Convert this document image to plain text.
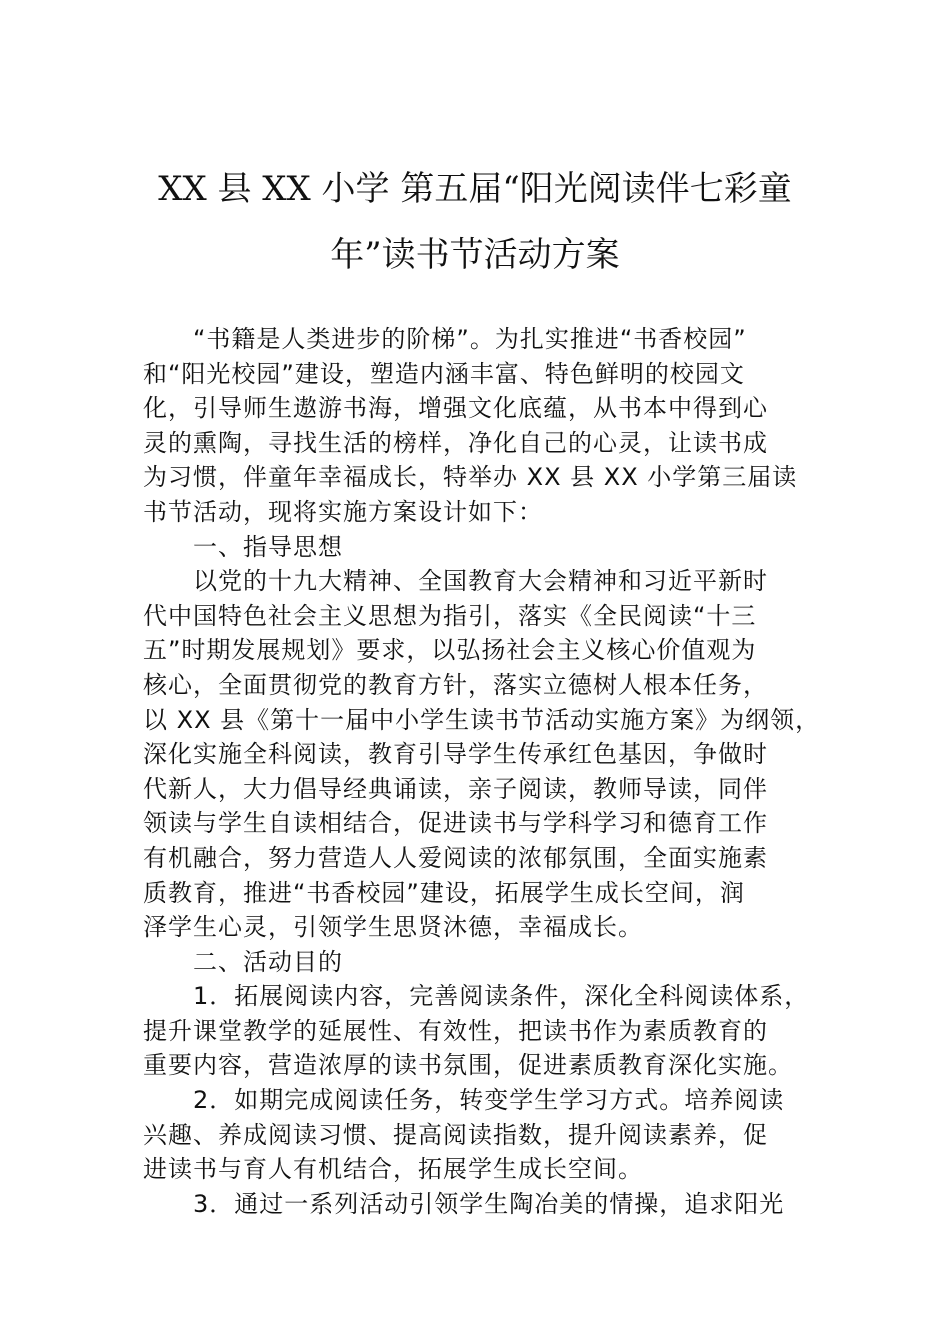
XX 县 XX 小学 第五届“阳光阅读伴七彩童
年”读书节活动方案
“书籍是人类进步的阶梯”。为扎实推进“书香校园”
和“阳光校园”建设，塑造内涵丰富、特色鲜明的校园文
化，引导师生遨游书海，增强文化底蕴，从书本中得到心
灵的熏陶，寻找生活的榜样，净化自己的心灵，让读书成
为习惯，伴童年幸福成长，特举办 XX 县 XX 小学第三届读
书节活动，现将实施方案设计如下：
一、指导思想
以党的十九大精神、全国教育大会精神和习近平新时
代中国特色社会主义思想为指引，落实《全民阅读“十三
五”时期发展规划》要求，以弘扬社会主义核心价值观为
核心，全面贯彻党的教育方针，落实立德树人根本任务，
以 XX 县《第十一届中小学生读书节活动实施方案》为纲领，
深化实施全科阅读，教育引导学生传承红色基因，争做时
代新人，大力倡导经典诵读，亲子阅读，教师导读，同伴
领读与学生自读相结合，促进读书与学科学习和德育工作
有机融合，努力营造人人爱阅读的浓郁氛围，全面实施素
质教育，推进“书香校园”建设，拓展学生成长空间，润
泽学生心灵，引领学生思贤沐德，幸福成长。
二、活动目的
1．拓展阅读内容，完善阅读条件，深化全科阅读体系，
提升课堂教学的延展性、有效性，把读书作为素质教育的
重要内容，营造浓厚的读书氛围，促进素质教育深化实施。
2．如期完成阅读任务，转变学生学习方式。培养阅读
兴趣、养成阅读习惯、提高阅读指数，提升阅读素养，促
进读书与育人有机结合，拓展学生成长空间。
3．通过一系列活动引领学生陶冶美的情操，追求阳光
